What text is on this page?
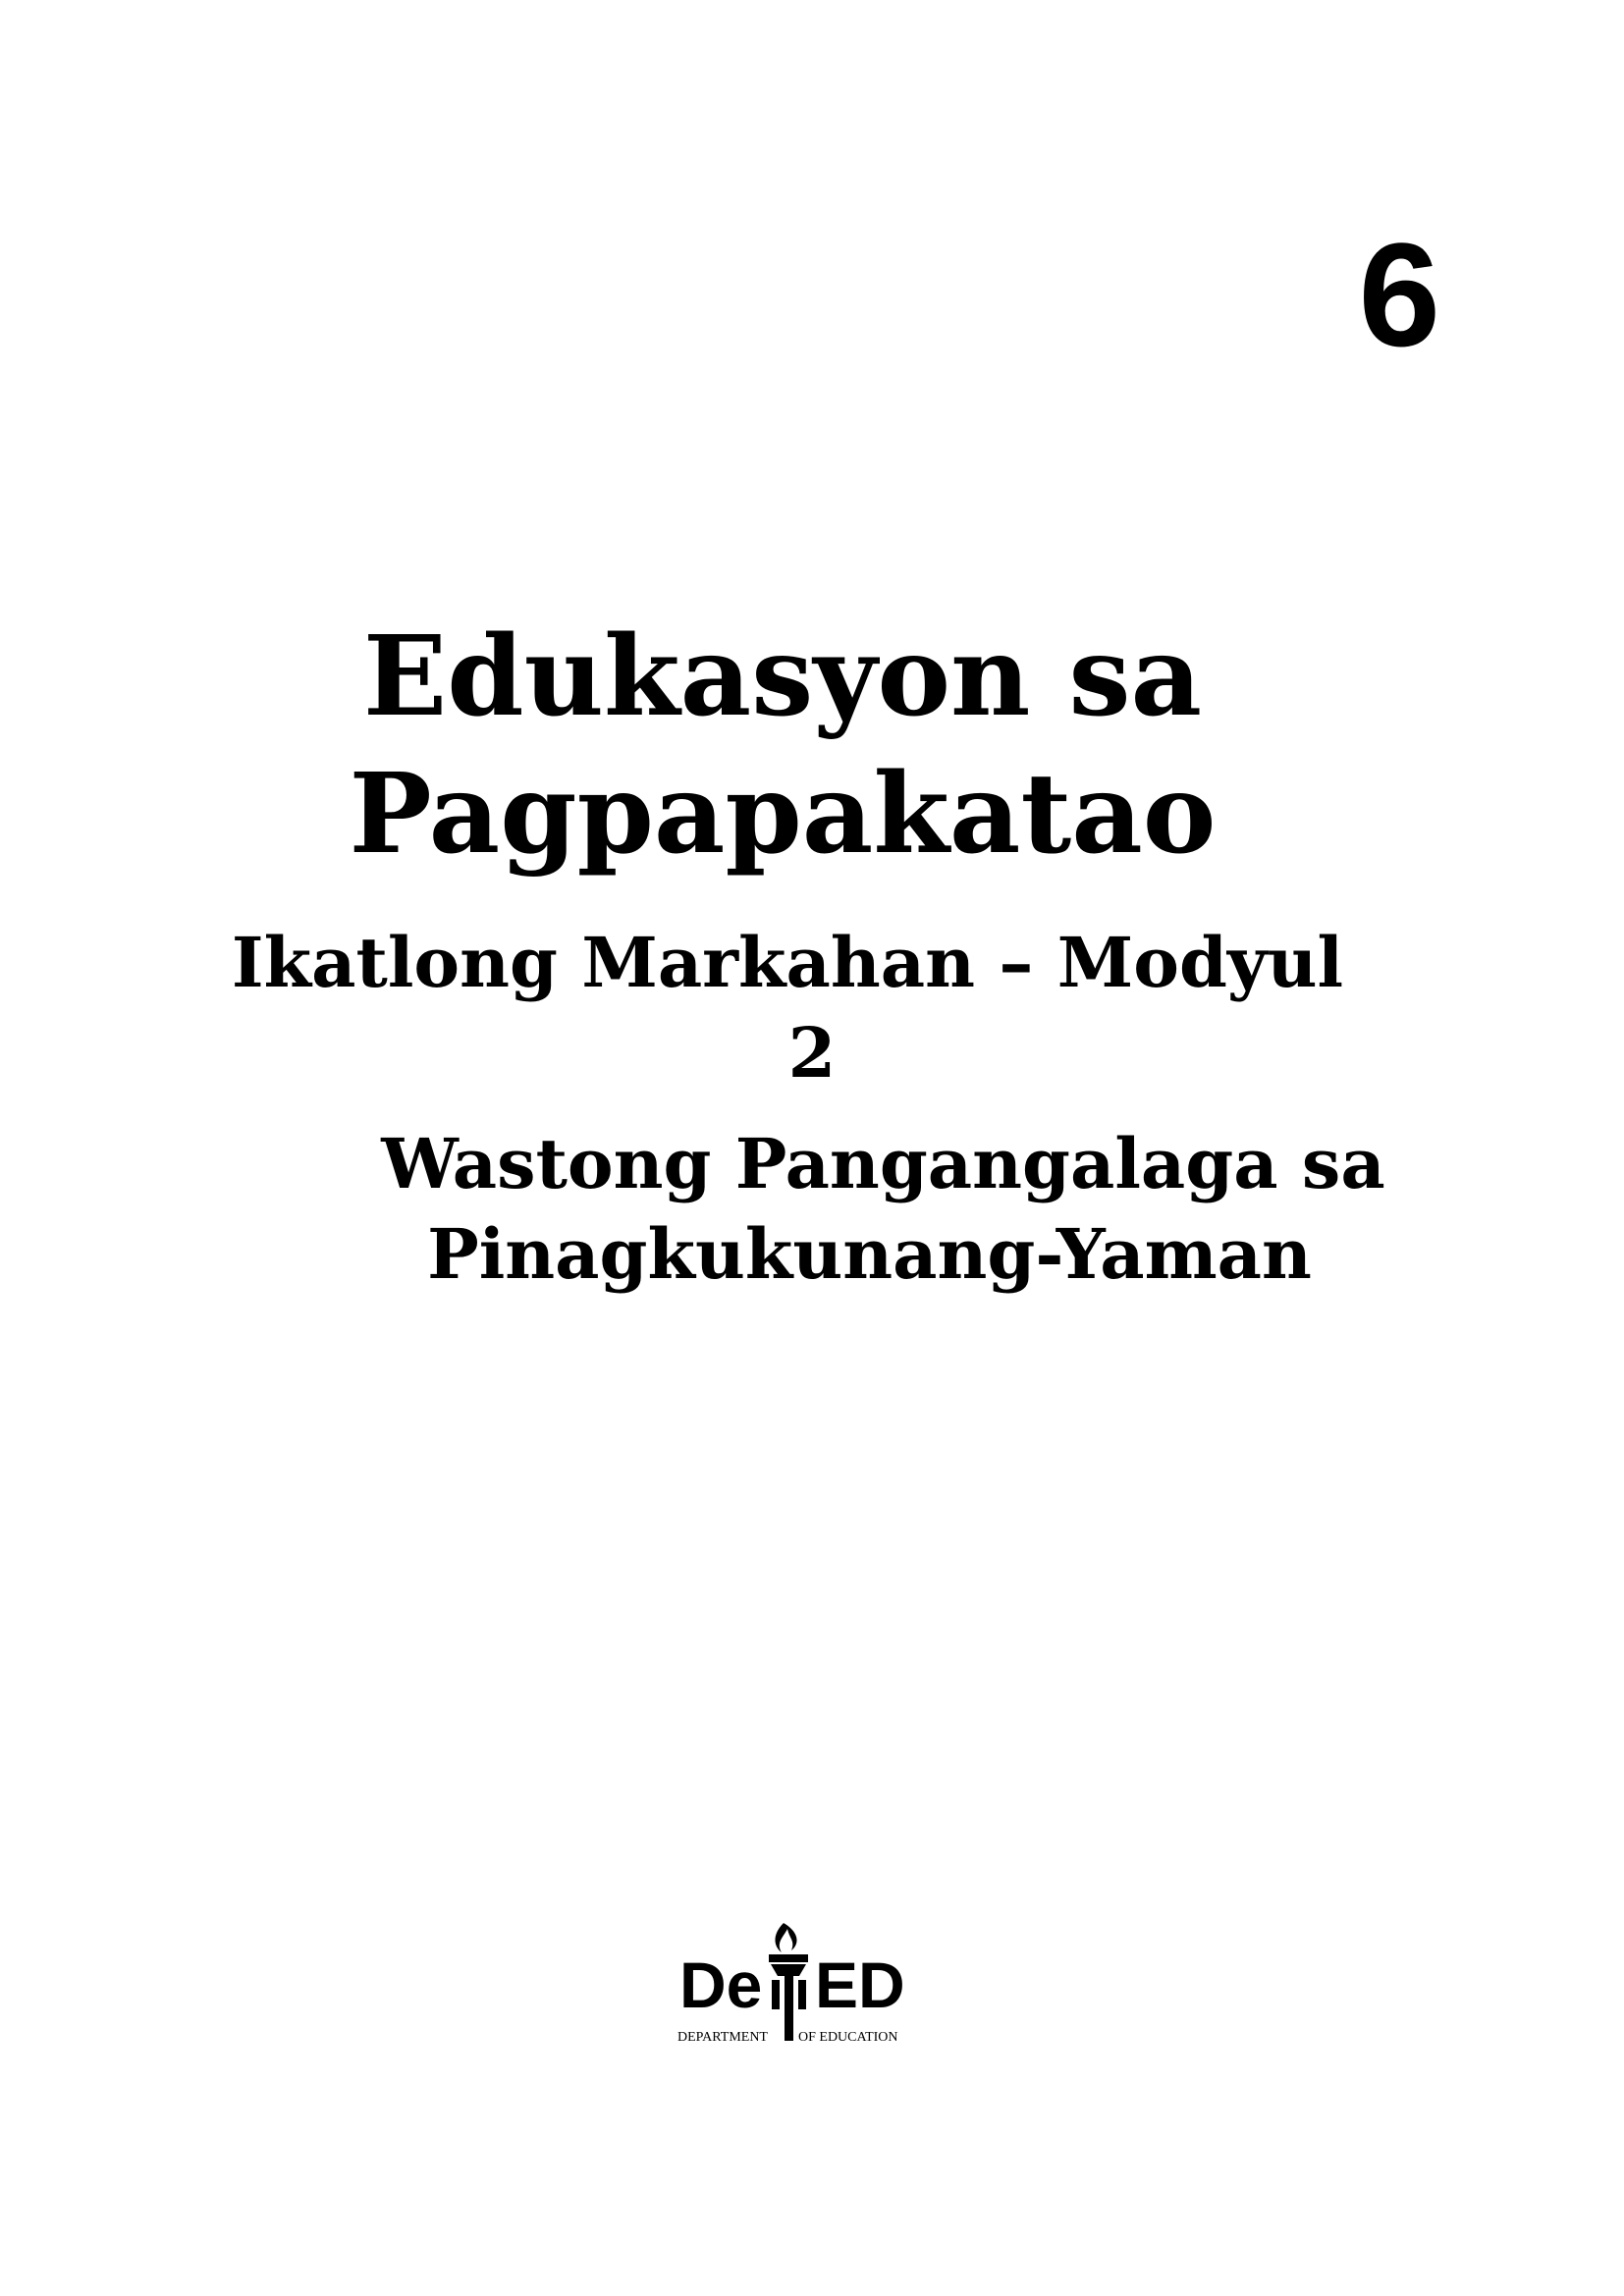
6
Edukasyon sa
Pagpapakatao
Ikatlong Markahan – Modyul
2
Wastong Pangangalaga sa
Pinagkukunang-Yaman
De ED
DEPARTMENT OF EDUCATION
